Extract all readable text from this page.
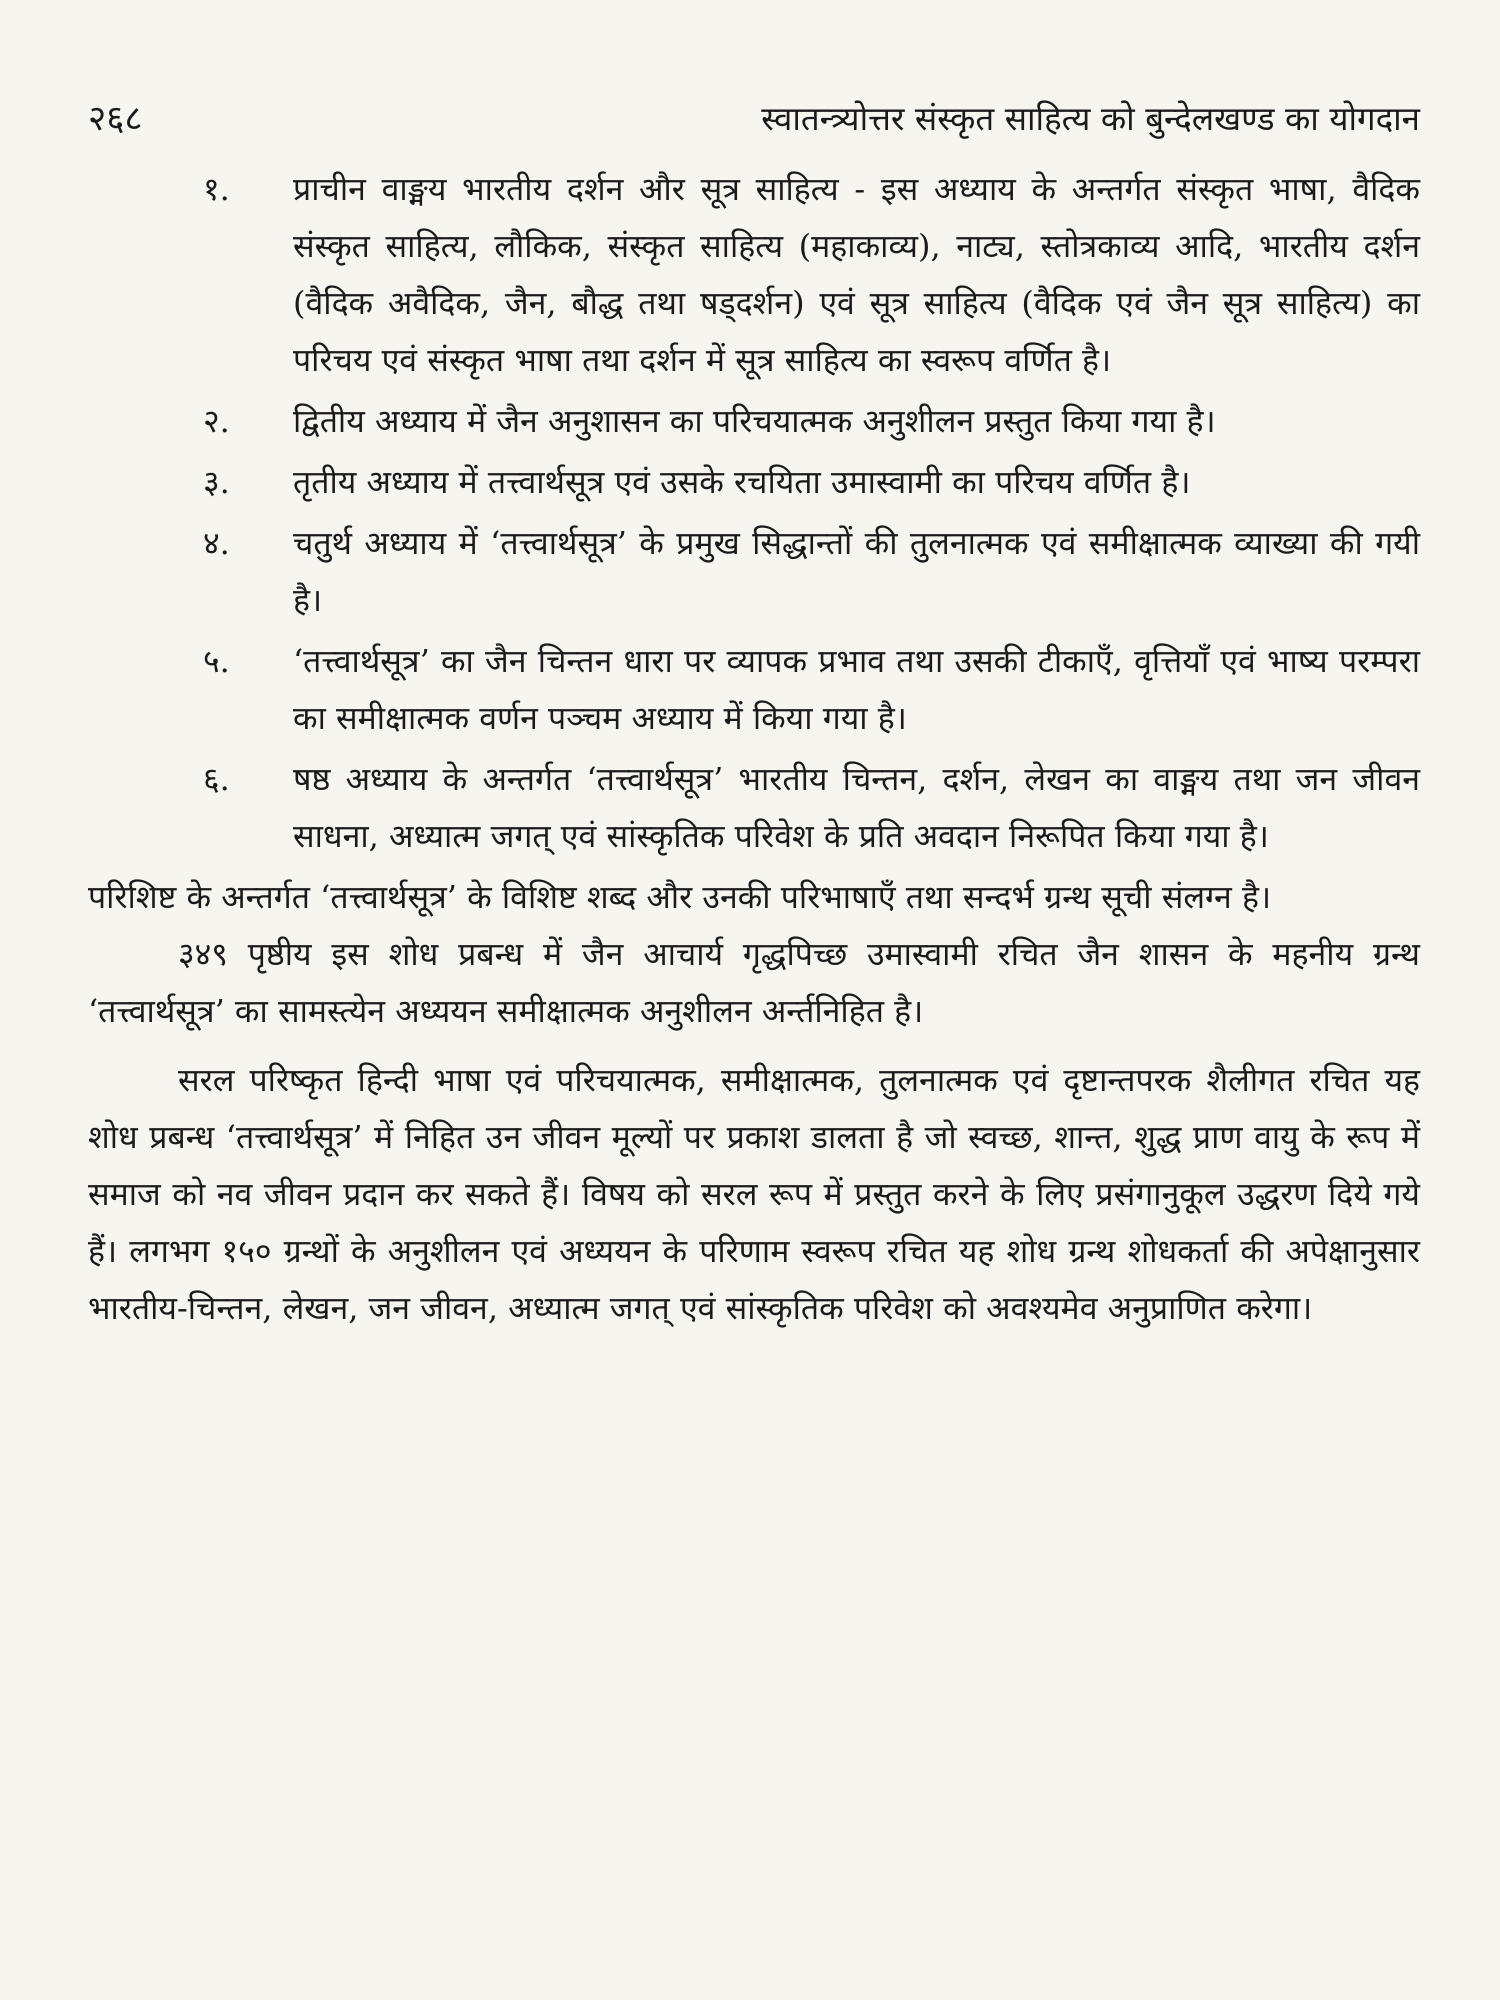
२६८	स्वातन्त्र्योत्तर संस्कृत साहित्य को बुन्देलखण्ड का योगदान
१.	प्राचीन वाङ्मय भारतीय दर्शन और सूत्र साहित्य - इस अध्याय के अन्तर्गत संस्कृत भाषा, वैदिक संस्कृत साहित्य, लौकिक, संस्कृत साहित्य (महाकाव्य), नाट्य, स्तोत्रकाव्य आदि, भारतीय दर्शन (वैदिक अवैदिक, जैन, बौद्ध तथा षड्दर्शन) एवं सूत्र साहित्य (वैदिक एवं जैन सूत्र साहित्य) का परिचय एवं संस्कृत भाषा तथा दर्शन में सूत्र साहित्य का स्वरूप वर्णित है।
२.	द्वितीय अध्याय में जैन अनुशासन का परिचयात्मक अनुशीलन प्रस्तुत किया गया है।
३.	तृतीय अध्याय में तत्त्वार्थसूत्र एवं उसके रचयिता उमास्वामी का परिचय वर्णित है।
४.	चतुर्थ अध्याय में ‘तत्त्वार्थसूत्र’ के प्रमुख सिद्धान्तों की तुलनात्मक एवं समीक्षात्मक व्याख्या की गयी है।
५.	‘तत्त्वार्थसूत्र’ का जैन चिन्तन धारा पर व्यापक प्रभाव तथा उसकी टीकाएँ, वृत्तियाँ एवं भाष्य परम्परा का समीक्षात्मक वर्णन पञ्चम अध्याय में किया गया है।
६.	षष्ठ अध्याय के अन्तर्गत ‘तत्त्वार्थसूत्र’ भारतीय चिन्तन, दर्शन, लेखन का वाङ्मय तथा जन जीवन साधना, अध्यात्म जगत् एवं सांस्कृतिक परिवेश के प्रति अवदान निरूपित किया गया है।

परिशिष्ट के अन्तर्गत ‘तत्त्वार्थसूत्र’ के विशिष्ट शब्द और उनकी परिभाषाएँ तथा सन्दर्भ ग्रन्थ सूची संलग्न है।

३४९ पृष्ठीय इस शोध प्रबन्ध में जैन आचार्य गृद्धपिच्छ उमास्वामी रचित जैन शासन के महनीय ग्रन्थ ‘तत्त्वार्थसूत्र’ का सामस्त्येन अध्ययन समीक्षात्मक अनुशीलन अर्न्तनिहित है।

सरल परिष्कृत हिन्दी भाषा एवं परिचयात्मक, समीक्षात्मक, तुलनात्मक एवं दृष्टान्तपरक शैलीगत रचित यह शोध प्रबन्ध ‘तत्त्वार्थसूत्र’ में निहित उन जीवन मूल्यों पर प्रकाश डालता है जो स्वच्छ, शान्त, शुद्ध प्राण वायु के रूप में समाज को नव जीवन प्रदान कर सकते हैं। विषय को सरल रूप में प्रस्तुत करने के लिए प्रसंगानुकूल उद्धरण दिये गये हैं। लगभग १५० ग्रन्थों के अनुशीलन एवं अध्ययन के परिणाम स्वरूप रचित यह शोध ग्रन्थ शोधकर्ता की अपेक्षानुसार भारतीय-चिन्तन, लेखन, जन जीवन, अध्यात्म जगत् एवं सांस्कृतिक परिवेश को अवश्यमेव अनुप्राणित करेगा।
